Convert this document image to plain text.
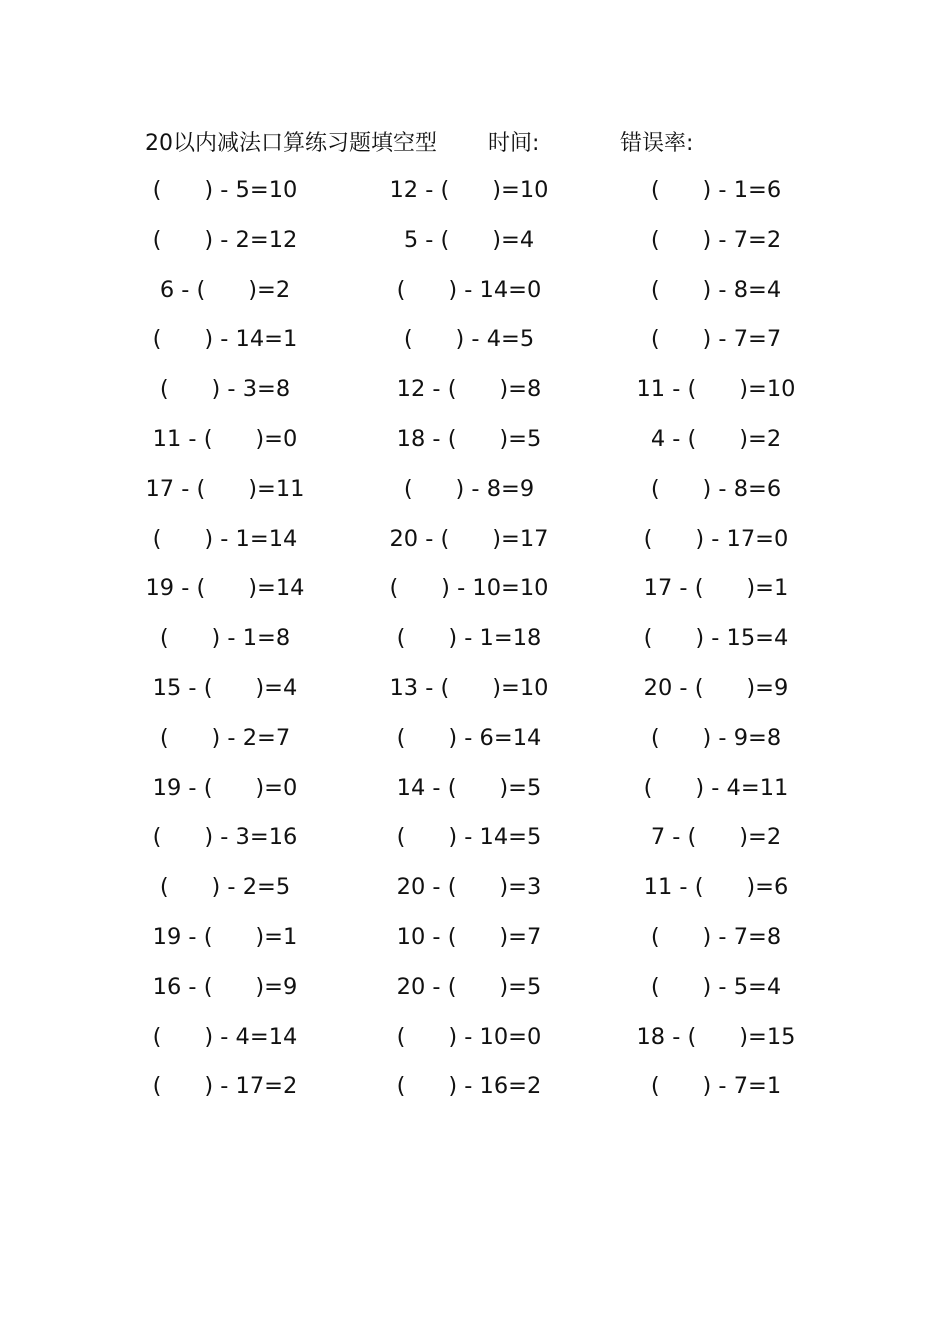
20以内减法口算练习题填空型 时间:	错误率:
(      ) - 5=10	12 - (      )=10	(      ) - 1=6
(      ) - 2=12	5 - (      )=4	(      ) - 7=2
6 - (      )=2	(      ) - 14=0	(      ) - 8=4
(      ) - 14=1	(      ) - 4=5	(      ) - 7=7
(      ) - 3=8	12 - (      )=8	11 - (      )=10
11 - (      )=0	18 - (      )=5	4 - (      )=2
17 - (      )=11	(      ) - 8=9	(      ) - 8=6
(      ) - 1=14	20 - (      )=17	(      ) - 17=0
19 - (      )=14	(      ) - 10=10	17 - (      )=1
(      ) - 1=8	(      ) - 1=18	(      ) - 15=4
15 - (      )=4	13 - (      )=10	20 - (      )=9
(      ) - 2=7	(      ) - 6=14	(      ) - 9=8
19 - (      )=0	14 - (      )=5	(      ) - 4=11
(      ) - 3=16	(      ) - 14=5	7 - (      )=2
(      ) - 2=5	20 - (      )=3	11 - (      )=6
19 - (      )=1	10 - (      )=7	(      ) - 7=8
16 - (      )=9	20 - (      )=5	(      ) - 5=4
(      ) - 4=14	(      ) - 10=0	18 - (      )=15
(      ) - 17=2	(      ) - 16=2	(      ) - 7=1
